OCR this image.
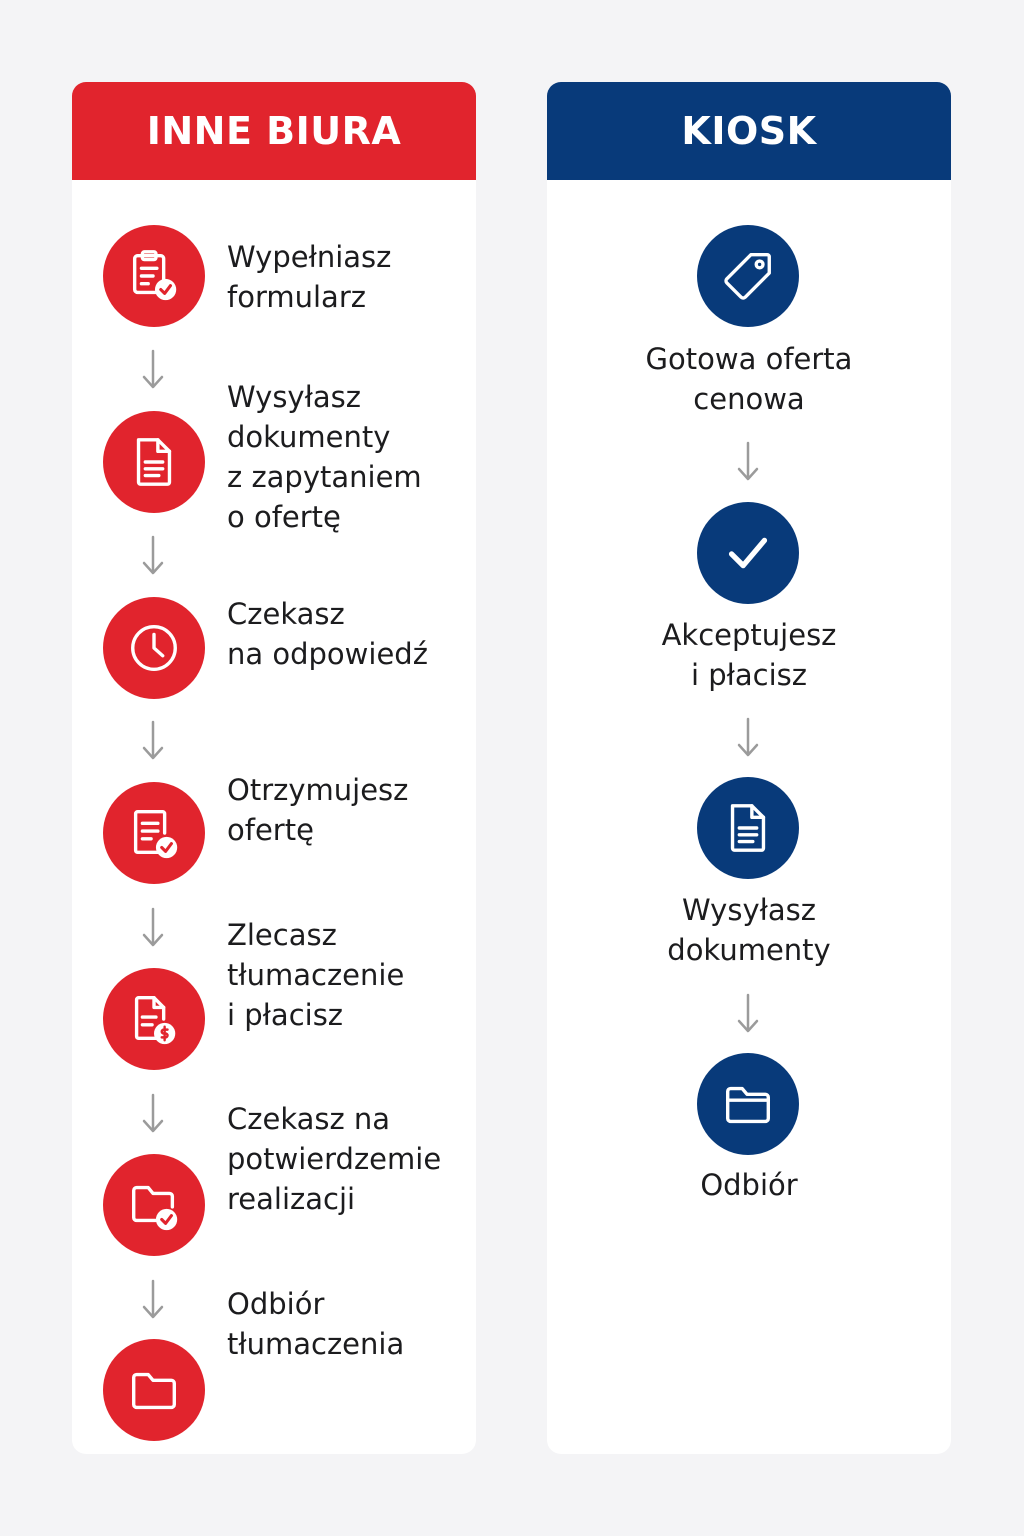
INNE BIURA
Wypełniasz
formularz
Wysyłasz
dokumenty
z zapytaniem
o ofertę
Czekasz
na odpowiedź
Otrzymujesz
ofertę
Zlecasz
tłumaczenie
i płacisz
Czekasz na
potwierdzemie
realizacji
Odbiór
tłumaczenia
KIOSK
Gotowa oferta
cenowa
Akceptujesz
i płacisz
Wysyłasz
dokumenty
Odbiór
